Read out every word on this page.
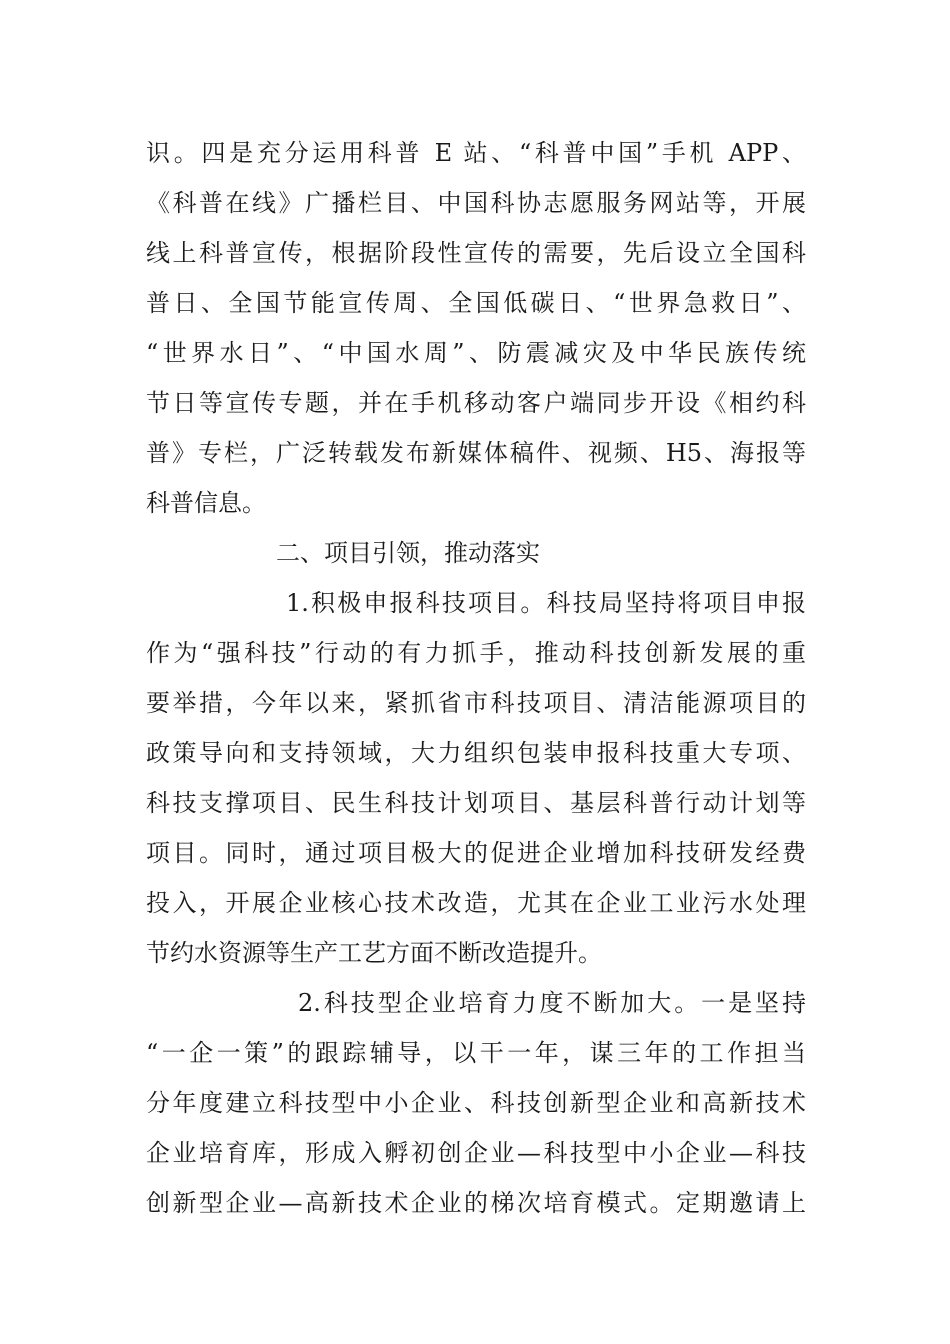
识。四是充分运用科普 E 站、“科普中国”手机 APP、
《科普在线》广播栏目、中国科协志愿服务网站等，开展
线上科普宣传，根据阶段性宣传的需要，先后设立全国科
普日、全国节能宣传周、全国低碳日、“世界急救日”、
“世界水日”、“中国水周”、防震减灾及中华民族传统
节日等宣传专题，并在手机移动客户端同步开设《相约科
普》专栏，广泛转载发布新媒体稿件、视频、H5、海报等
科普信息。
二、项目引领，推动落实
1.积极申报科技项目。科技局坚持将项目申报
作为“强科技”行动的有力抓手，推动科技创新发展的重
要举措，今年以来，紧抓省市科技项目、清洁能源项目的
政策导向和支持领域，大力组织包装申报科技重大专项、
科技支撑项目、民生科技计划项目、基层科普行动计划等
项目。同时，通过项目极大的促进企业增加科技研发经费
投入，开展企业核心技术改造，尤其在企业工业污水处理
节约水资源等生产工艺方面不断改造提升。
2.科技型企业培育力度不断加大。一是坚持
“一企一策”的跟踪辅导，以干一年，谋三年的工作担当
分年度建立科技型中小企业、科技创新型企业和高新技术
企业培育库，形成入孵初创企业—科技型中小企业—科技
创新型企业—高新技术企业的梯次培育模式。定期邀请上
